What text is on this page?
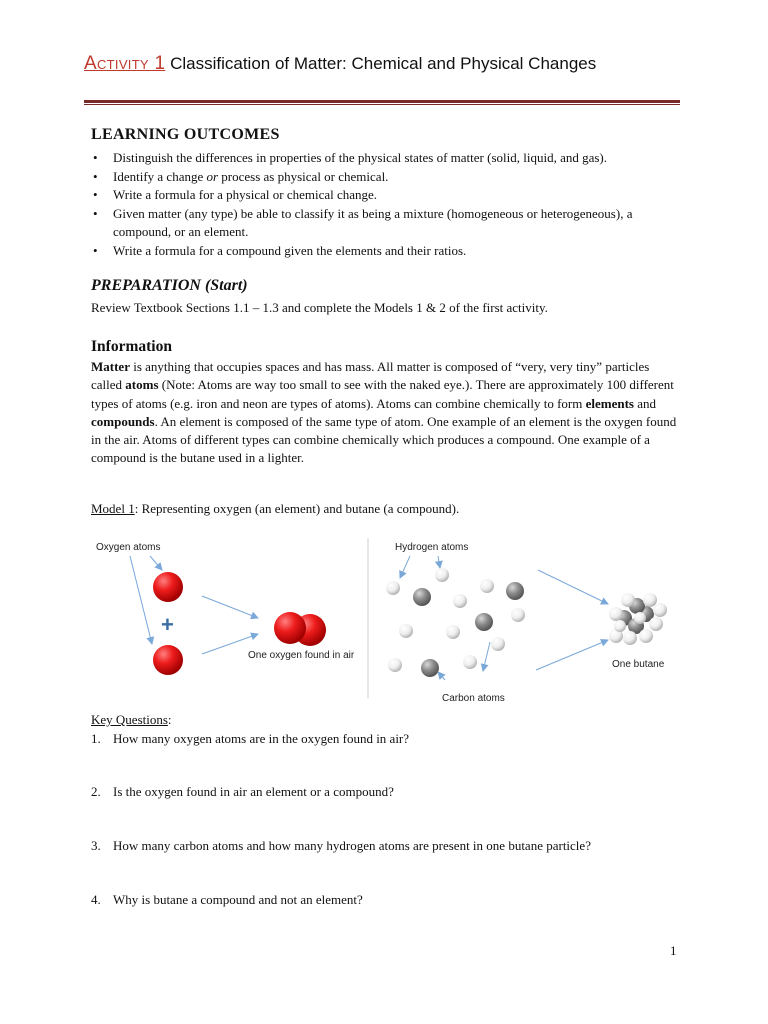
Activity 1 Classification of Matter: Chemical and Physical Changes
LEARNING OUTCOMES
• Distinguish the differences in properties of the physical states of matter (solid, liquid, and gas).
• Identify a change or process as physical or chemical.
• Write a formula for a physical or chemical change.
• Given matter (any type) be able to classify it as being a mixture (homogeneous or heterogeneous), a compound, or an element.
• Write a formula for a compound given the elements and their ratios.
PREPARATION (Start)
Review Textbook Sections 1.1 – 1.3 and complete the Models 1 & 2 of the first activity.
Information
Matter is anything that occupies spaces and has mass. All matter is composed of “very, very tiny” particles called atoms (Note: Atoms are way too small to see with the naked eye.). There are approximately 100 different types of atoms (e.g. iron and neon are types of atoms). Atoms can combine chemically to form elements and compounds. An element is composed of the same type of atom. One example of an element is the oxygen found in the air. Atoms of different types can combine chemically which produces a compound. One example of a compound is the butane used in a lighter.
Model 1: Representing oxygen (an element) and butane (a compound).
Oxygen atoms
+
One oxygen found in air
Hydrogen atoms
Carbon atoms
One butane
Key Questions:
1. How many oxygen atoms are in the oxygen found in air?
2. Is the oxygen found in air an element or a compound?
3. How many carbon atoms and how many hydrogen atoms are present in one butane particle?
4. Why is butane a compound and not an element?
1
